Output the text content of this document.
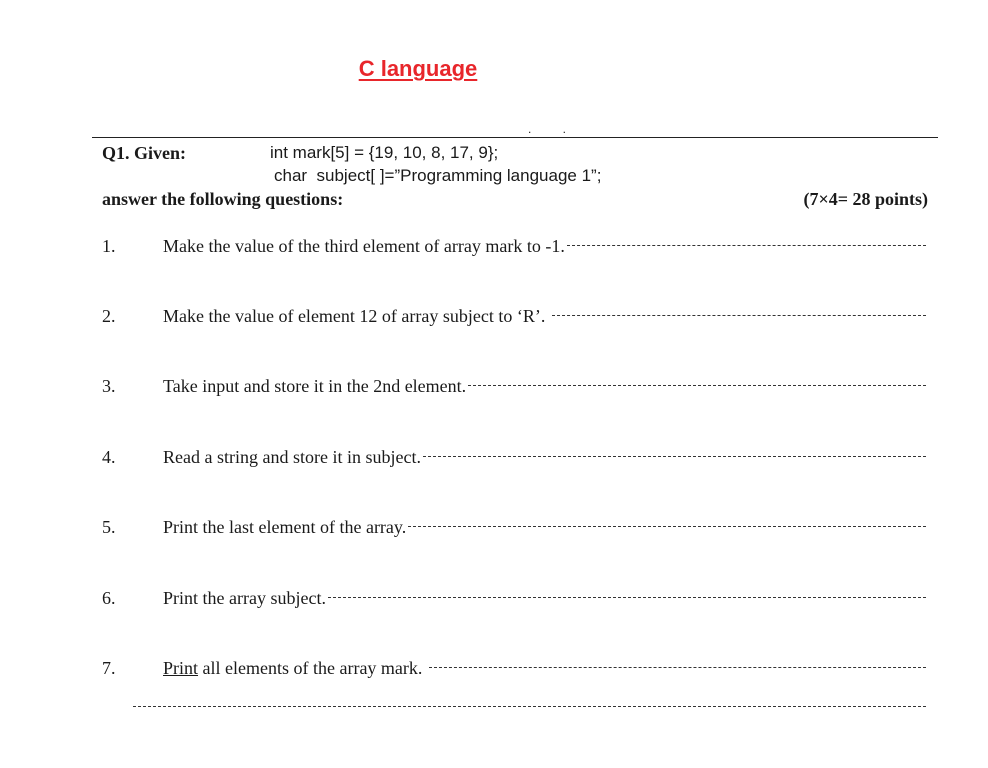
C language
. .
Q1. Given:	int mark[5] = {19, 10, 8, 17, 9};
char  subject[ ]=”Programming language 1”;
answer the following questions:	(7×4= 28 points)
1.	Make the value of the third element of array mark to -1.
2.	Make the value of element 12 of array subject to ‘R’.
3.	Take input and store it in the 2nd element.
4.	Read a string and store it in subject.
5.	Print the last element of the array.
6.	Print the array subject.
7.	Print all elements of the array mark.
